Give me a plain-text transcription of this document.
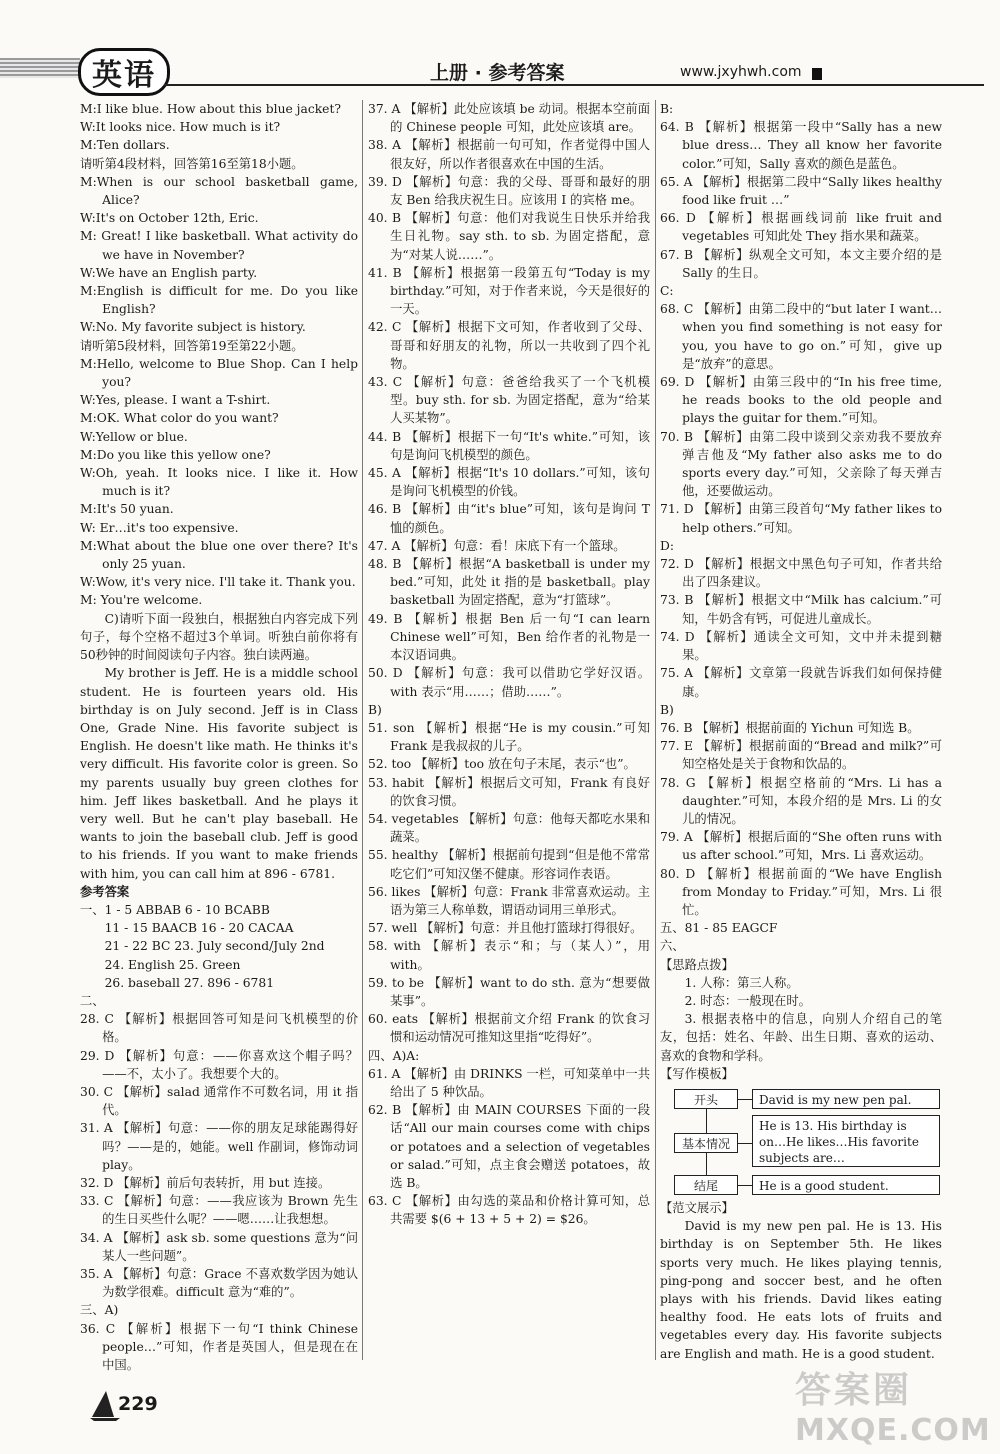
英语	上册 · 参考答案	www.jxyhwh.com

M:I like blue. How about this blue jacket?

W:It looks nice. How much is it?

M:Ten dollars.

请听第4段材料，回答第16至第18小题。

M:When is our school basketball game, Alice?

W:It's on October 12th, Eric.

M: Great! I like basketball. What activity do we have in November?

W:We have an English party.

M:English is difficult for me. Do you like English?

W:No. My favorite subject is history.

请听第5段材料，回答第19至第22小题。

M:Hello, welcome to Blue Shop. Can I help you?

W:Yes, please. I want a T-shirt.

M:OK. What color do you want?

W:Yellow or blue.

M:Do you like this yellow one?

W:Oh, yeah. It looks nice. I like it. How much is it?

M:It's 50 yuan.

W: Er…it's too expensive.

M:What about the blue one over there? It's only 25 yuan.

W:Wow, it's very nice. I'll take it. Thank you.

M: You're welcome.

C)请听下面一段独白，根据独白内容完成下列句子，每个空格不超过3个单词。听独白前你将有50秒钟的时间阅读句子内容。独白读两遍。

My brother is Jeff. He is a middle school student. He is fourteen years old. His birthday is on July second. Jeff is in Class One, Grade Nine. His favorite subject is English. He doesn't like math. He thinks it's very difficult. His favorite color is green. So my parents usually buy green clothes for him. Jeff likes basketball. And he plays it very well. But he can't play baseball. He wants to join the baseball club. Jeff is good to his friends. If you want to make friends with him, you can call him at 896 - 6781.

参考答案

一、1 - 5 ABBAB 6 - 10 BCABB

11 - 15 BAACB 16 - 20 CACAA

21 - 22 BC 23. July second/July 2nd

24. English 25. Green

26. baseball 27. 896 - 6781

二、

28. C 【解析】根据回答可知是问飞机模型的价格。

29. D 【解析】句意：——你喜欢这个帽子吗？——不，太小了。我想要个大的。

30. C 【解析】salad 通常作不可数名词，用 it 指代。

31. A 【解析】句意：——你的朋友足球能踢得好吗？——是的，她能。well 作副词，修饰动词 play。

32. D 【解析】前后句表转折，用 but 连接。

33. C 【解析】句意：——我应该为 Brown 先生的生日买些什么呢？——嗯……让我想想。

34. A 【解析】ask sb. some questions 意为“问某人一些问题”。

35. A 【解析】句意：Grace 不喜欢数学因为她认为数学很难。difficult 意为“难的”。

三、A)

36. C 【解析】根据下一句“I think Chinese people…”可知，作者是英国人，但是现在在中国。

37. A 【解析】此处应该填 be 动词。根据本空前面的 Chinese people 可知，此处应该填 are。

38. A 【解析】根据前一句可知，作者觉得中国人很友好，所以作者很喜欢在中国的生活。

39. D 【解析】句意：我的父母、哥哥和最好的朋友 Ben 给我庆祝生日。应该用 I 的宾格 me。

40. B 【解析】句意：他们对我说生日快乐并给我生日礼物。say sth. to sb. 为固定搭配，意为“对某人说……”。

41. B 【解析】根据第一段第五句“Today is my birthday.”可知，对于作者来说，今天是很好的一天。

42. C 【解析】根据下文可知，作者收到了父母、哥哥和好朋友的礼物，所以一共收到了四个礼物。

43. C 【解析】句意：爸爸给我买了一个飞机模型。buy sth. for sb. 为固定搭配，意为“给某人买某物”。

44. B 【解析】根据下一句“It's white.”可知，该句是询问飞机模型的颜色。

45. A 【解析】根据“It's 10 dollars.”可知，该句是询问飞机模型的价钱。

46. B 【解析】由“it's blue”可知，该句是询问 T 恤的颜色。

47. A 【解析】句意：看！床底下有一个篮球。

48. B 【解析】根据“A basketball is under my bed.”可知，此处 it 指的是 basketball。play basketball 为固定搭配，意为“打篮球”。

49. B 【解析】根据 Ben 后一句“I can learn Chinese well”可知，Ben 给作者的礼物是一本汉语词典。

50. D 【解析】句意：我可以借助它学好汉语。with 表示“用……；借助……”。

B)

51. son 【解析】根据“He is my cousin.”可知 Frank 是我叔叔的儿子。

52. too 【解析】too 放在句子末尾，表示“也”。

53. habit 【解析】根据后文可知，Frank 有良好的饮食习惯。

54. vegetables 【解析】句意：他每天都吃水果和蔬菜。

55. healthy 【解析】根据前句提到“但是他不常常吃它们”可知汉堡不健康。形容词作表语。

56. likes 【解析】句意：Frank 非常喜欢运动。主语为第三人称单数，谓语动词用三单形式。

57. well 【解析】句意：并且他打篮球打得很好。

58. with 【解析】表示“和；与（某人）”，用 with。

59. to be 【解析】want to do sth. 意为“想要做某事”。

60. eats 【解析】根据前文介绍 Frank 的饮食习惯和运动情况可推知这里指“吃得好”。

四、A)A:

61. A 【解析】由 DRINKS 一栏，可知菜单中一共给出了 5 种饮品。

62. B 【解析】由 MAIN COURSES 下面的一段话“All our main courses come with chips or potatoes and a selection of vegetables or salad.”可知，点主食会赠送 potatoes，故选 B。

63. C 【解析】由勾选的菜品和价格计算可知，总共需要 $(6 + 13 + 5 + 2) = $26。

B:

64. B 【解析】根据第一段中“Sally has a new blue dress… They all know her favorite color.”可知，Sally 喜欢的颜色是蓝色。

65. A 【解析】根据第二段中“Sally likes healthy food like fruit …”

66. D 【解析】根据画线词前 like fruit and vegetables 可知此处 They 指水果和蔬菜。

67. B 【解析】纵观全文可知，本文主要介绍的是 Sally 的生日。

C:

68. C 【解析】由第二段中的“but later I want… when you find something is not easy for you, you have to go on.”可知，give up 是“放弃”的意思。

69. D 【解析】由第三段中的“In his free time, he reads books to the old people and plays the guitar for them.”可知。

70. B 【解析】由第二段中谈到父亲劝我不要放弃弹吉他及“My father also asks me to do sports every day.”可知，父亲除了每天弹吉他，还要做运动。

71. D 【解析】由第三段首句“My father likes to help others.”可知。

D:

72. D 【解析】根据文中黑色句子可知，作者共给出了四条建议。

73. B 【解析】根据文中“Milk has calcium.”可知，牛奶含有钙，可促进儿童成长。

74. D 【解析】通读全文可知，文中并未提到糖果。

75. A 【解析】文章第一段就告诉我们如何保持健康。

B)

76. B 【解析】根据前面的 Yichun 可知选 B。

77. E 【解析】根据前面的“Bread and milk?”可知空格处是关于食物和饮品的。

78. G 【解析】根据空格前的“Mrs. Li has a daughter.”可知，本段介绍的是 Mrs. Li 的女儿的情况。

79. A 【解析】根据后面的“She often runs with us after school.”可知，Mrs. Li 喜欢运动。

80. D 【解析】根据前面的“We have English from Monday to Friday.”可知，Mrs. Li 很忙。

五、81 - 85 EAGCF

六、

【思路点拨】

1. 人称：第三人称。

2. 时态：一般现在时。

3. 根据表格中的信息，向别人介绍自己的笔友，包括：姓名、年龄、出生日期、喜欢的运动、喜欢的食物和学科。

【写作模板】

开头	David is my new pen pal.
基本情况
He is 13. His birthday is on…He likes…His favorite subjects are…
结尾	He is a good student.

【范文展示】

David is my new pen pal. He is 13. His birthday is on September 5th. He likes sports very much. He likes playing tennis, ping-pong and soccer best, and he often plays with his friends. David likes eating healthy food. He eats lots of fruits and vegetables every day. His favorite subjects are English and math. He is a good student.

229	答案圈
MXQE.COM
